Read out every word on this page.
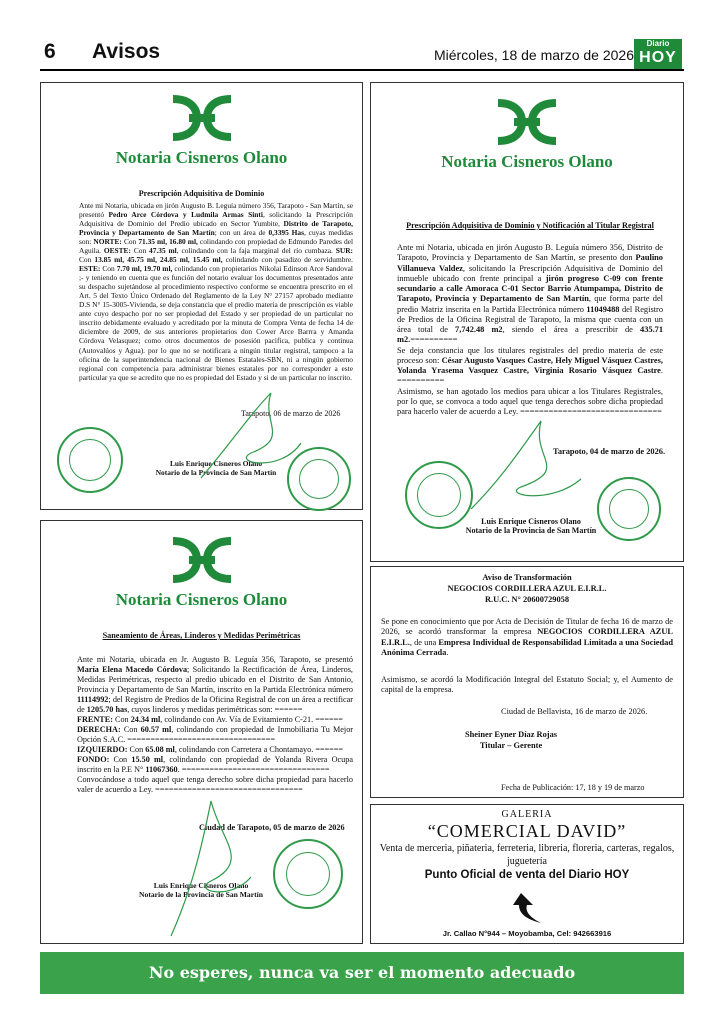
6 Avisos	Miércoles, 18 de marzo de 2026
Diario
HOY
Notaria Cisneros Olano
Prescripción Adquisitiva de Dominio
Ante mi Notaria, ubicada en jirón Augusto B. Leguía número 356, Tarapoto - San Martín, se presentó Pedro Arce Córdova y Ludmila Armas Sinti, solicitando la Prescripción Adquisitiva de Dominio del Predio ubicado en Sector Yumbite, Distrito de Tarapoto, Provincia y Departamento de San Martín; con un área de 0,3395 Has, cuyas medidas son: NORTE: Con 71.35 ml, 16.80 ml, colindando con propiedad de Edmundo Paredes del Aguila. OESTE: Con 47.35 ml, colindando con la faja marginal del río cumbaza. SUR: Con 13.85 ml, 45.75 ml, 24.85 ml, 15.45 ml, colindando con pasadizo de servidumbre. ESTE: Con 7.70 ml, 19.70 ml, colindando con propietarios Nikolai Edinson Arce Sandoval ;- y teniendo en cuenta que es función del notario evaluar los documentos presentados ante su despacho sujetándose al procedimiento respectivo conforme se encuentra prescrito en el Art. 5 del Texto Único Ordenado del Reglamento de la Ley N° 27157 aprobado mediante D.S N° 15-3005-Vivienda, se deja constancia que el predio materia de prescripción es viable ante cuyo despacho por no ser propiedad del Estado y ser propiedad de un particular no inscrito debidamente evaluado y acreditado por la minuta de Compra Venta de fecha 14 de diciembre de 2009, de sus anteriores propietarios don Cower Arce Barrra y Amanda Córdova Velasquez; como otros documentos de posesión pacifica, publica y continua (Autovalúos y Agua). por lo que no se notificara a ningún titular registral, tampoco a la oficina de la superintendencia nacional de Bienes Estatales-SBN, ni a ningún gobierno regional con competencia para administrar bienes estatales por no corresponder a este particular ya que se acredito que no es propiedad del Estado y si de un particular no inscrito.
Tarapoto, 06 de marzo de 2026
Luis Enrique Cisneros Olano
Notario de la Provincia de San Martín
Notaria Cisneros Olano
Prescripción Adquisitiva de Dominio y Notificación al Titular Registral
Ante mi Notaria, ubicada en jirón Augusto B. Leguía número 356, Distrito de Tarapoto, Provincia y Departamento de San Martín, se presento don Paulino Villanueva Valdez, solicitando la Prescripción Adquisitiva de Dominio del inmueble ubicado con frente principal a jirón progreso C-09 con frente secundario a calle Amoraca C-01 Sector Barrio Atumpampa, Distrito de Tarapoto, Provincia y Departamento de San Martín, que forma parte del predio Matriz inscrita en la Partida Electrónica número 11049488 del Registro de Predios de la Oficina Registral de Tarapoto, la misma que cuenta con un área total de 7,742.48 m2, siendo el área a prescribir de 435.71 m2.==========
Se deja constancia que los titulares registrales del predio materia de este proceso son: César Augusto Vasques Castre, Hely Miguel Vásquez Castres, Yolanda Yrasema Vasquez Castre, Virginia Rosario Vásquez Castre. ==========
Asimismo, se han agotado los medios para ubicar a los Titulares Registrales, por lo que, se convoca a todo aquel que tenga derechos sobre dicha propiedad para hacerlo valer de acuerdo a Ley. ==============================
Tarapoto, 04 de marzo de 2026.
Luis Enrique Cisneros Olano
Notario de la Provincia de San Martín
Notaria Cisneros Olano
Saneamiento de Áreas, Linderos y Medidas Perimétricas
Ante mi Notaria, ubicada en Jr. Augusto B. Leguía 356, Tarapoto, se presentó María Elena Macedo Córdova; Solicitando la Rectificación de Área, Linderos, Medidas Perimétricas, respecto al predio ubicado en el Distrito de San Antonio, Provincia y Departamento de San Martín, inscrito en la Partida Electrónica número 11114992; del Registro de Predios de la Oficina Registral de con un área a rectificar de 1205.70 has, cuyos linderos y medidas perimétricas son: ======
FRENTE: Con 24.34 ml, colindando con Av. Vía de Evitamiento C-21. ======
DERECHA: Con 60.57 ml, colindando con propiedad de Inmobiliaria Tu Mejor Opción S.A.C. ================================
IZQUIERDO: Con 65.08 ml, colindando con Carretera a Chontamayo. ======
FONDO: Con 15.50 ml, colindando con propiedad de Yolanda Rivera Ocupa inscrito en la P.E N° 11067360. ================================
Convocándose a todo aquel que tenga derecho sobre dicha propiedad para hacerlo valer de acuerdo a Ley. ================================
Ciudad de Tarapoto, 05 de marzo de 2026
Luis Enrique Cisneros Olano
Notario de la Provincia de San Martín
Aviso de Transformación
NEGOCIOS CORDILLERA AZUL E.I.R.L.
R.U.C. N° 20600729058
Se pone en conocimiento que por Acta de Decisión de Titular de fecha 16 de marzo de 2026, se acordó transformar la empresa NEGOCIOS CORDILLERA AZUL E.I.R.L., de una Empresa Individual de Responsabilidad Limitada a una Sociedad Anónima Cerrada.
Asimismo, se acordó la Modificación Integral del Estatuto Social; y, el Aumento de capital de la empresa.
Ciudad de Bellavista, 16 de marzo de 2026.
Sheiner Eyner Díaz Rojas
Titular – Gerente
Fecha de Publicación: 17, 18 y 19 de marzo
GALERIA
“COMERCIAL DAVID”
Venta de merceria, piñateria, ferreteria, libreria, floreria, carteras, regalos, juguetería
Punto Oficial de venta del Diario HOY
Jr. Callao N°944 – Moyobamba, Cel: 942663916
No esperes, nunca va ser el momento adecuado
